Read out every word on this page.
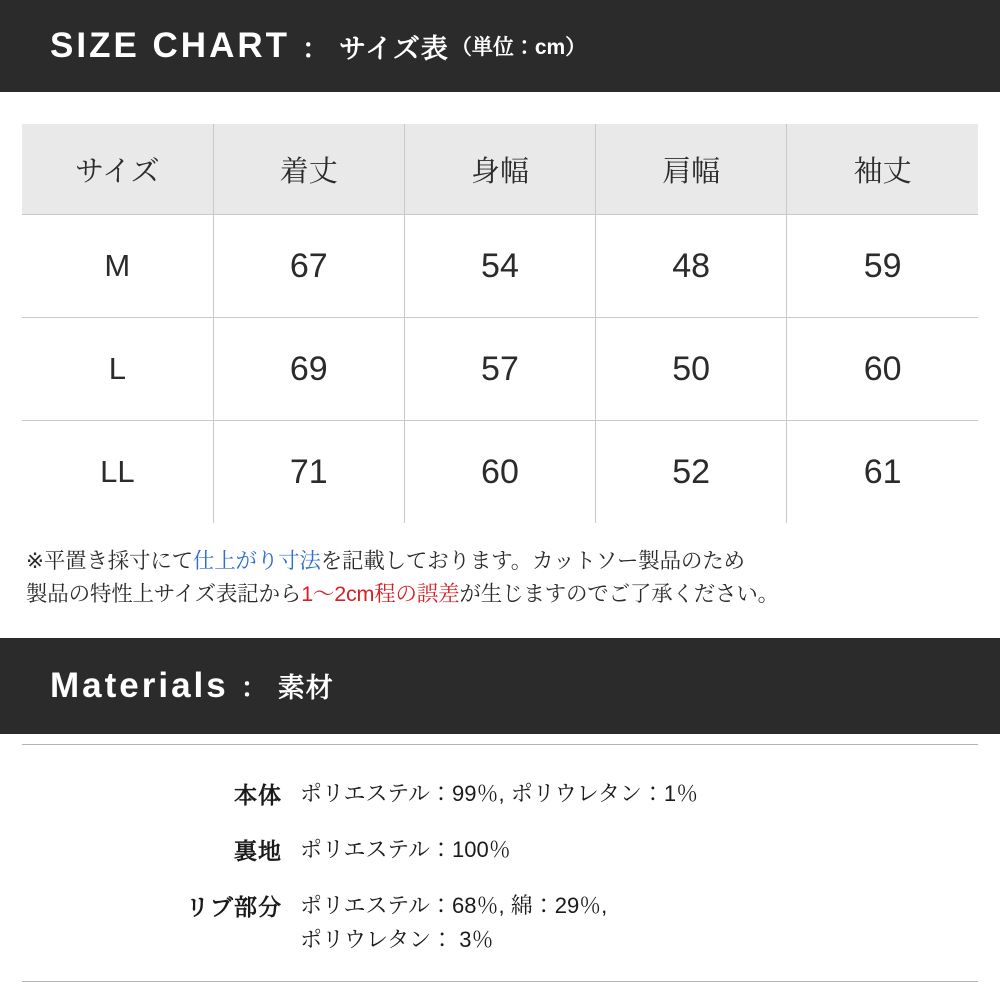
SIZE CHART ： サイズ表 （単位：cm）
サイズ	着丈	身幅	肩幅	袖丈
M	67	54	48	59
L	69	57	50	60
LL	71	60	52	61
※平置き採寸にて仕上がり寸法を記載しております。カットソー製品のため
製品の特性上サイズ表記から1〜2cm程の誤差が生じますのでご了承ください。
Materials ： 素材
本体 ポリエステル：99％, ポリウレタン：1％
裏地 ポリエステル：100％
リブ部分 ポリエステル：68％, 綿：29％,
ポリウレタン： 3％
